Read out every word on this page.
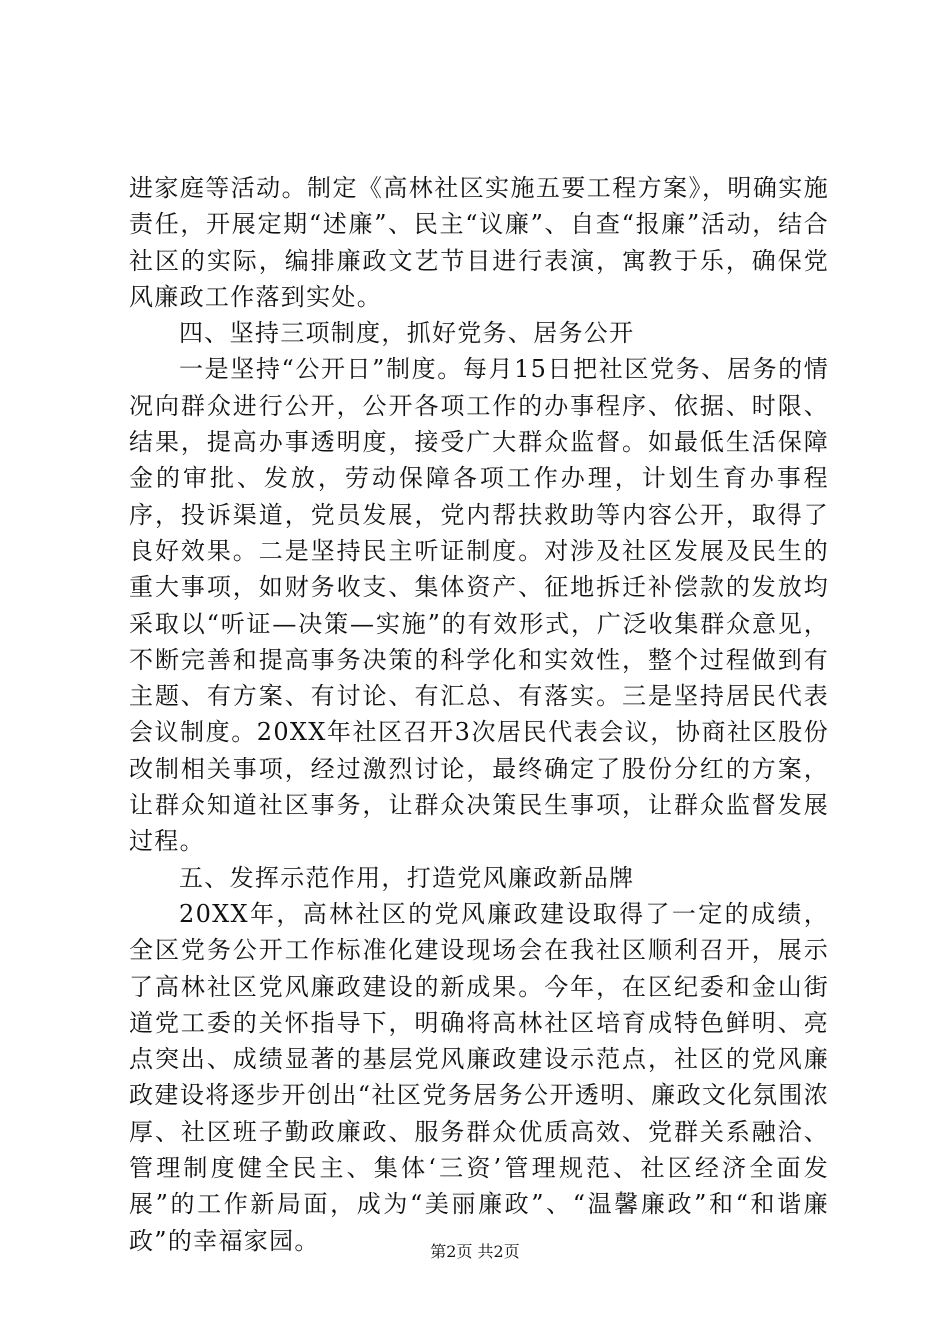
进家庭等活动。制定《高林社区实施五要工程方案》，明确实施责任，开展定期“述廉”、民主“议廉”、自查“报廉”活动，结合社区的实际，编排廉政文艺节目进行表演，寓教于乐，确保党风廉政工作落到实处。

四、坚持三项制度，抓好党务、居务公开

一是坚持“公开日”制度。每月15日把社区党务、居务的情况向群众进行公开，公开各项工作的办事程序、依据、时限、结果，提高办事透明度，接受广大群众监督。如最低生活保障金的审批、发放，劳动保障各项工作办理，计划生育办事程序，投诉渠道，党员发展，党内帮扶救助等内容公开，取得了良好效果。二是坚持民主听证制度。对涉及社区发展及民生的重大事项，如财务收支、集体资产、征地拆迁补偿款的发放均采取以“听证—决策—实施”的有效形式，广泛收集群众意见，不断完善和提高事务决策的科学化和实效性，整个过程做到有主题、有方案、有讨论、有汇总、有落实。三是坚持居民代表会议制度。20XX年社区召开3次居民代表会议，协商社区股份改制相关事项，经过激烈讨论，最终确定了股份分红的方案，让群众知道社区事务，让群众决策民生事项，让群众监督发展过程。

五、发挥示范作用，打造党风廉政新品牌

20XX年，高林社区的党风廉政建设取得了一定的成绩，全区党务公开工作标准化建设现场会在我社区顺利召开，展示了高林社区党风廉政建设的新成果。今年，在区纪委和金山街道党工委的关怀指导下，明确将高林社区培育成特色鲜明、亮点突出、成绩显著的基层党风廉政建设示范点，社区的党风廉政建设将逐步开创出“社区党务居务公开透明、廉政文化氛围浓厚、社区班子勤政廉政、服务群众优质高效、党群关系融洽、管理制度健全民主、集体‘三资’管理规范、社区经济全面发展”的工作新局面，成为“美丽廉政”、“温馨廉政”和“和谐廉政”的幸福家园。	第2页 共2页
